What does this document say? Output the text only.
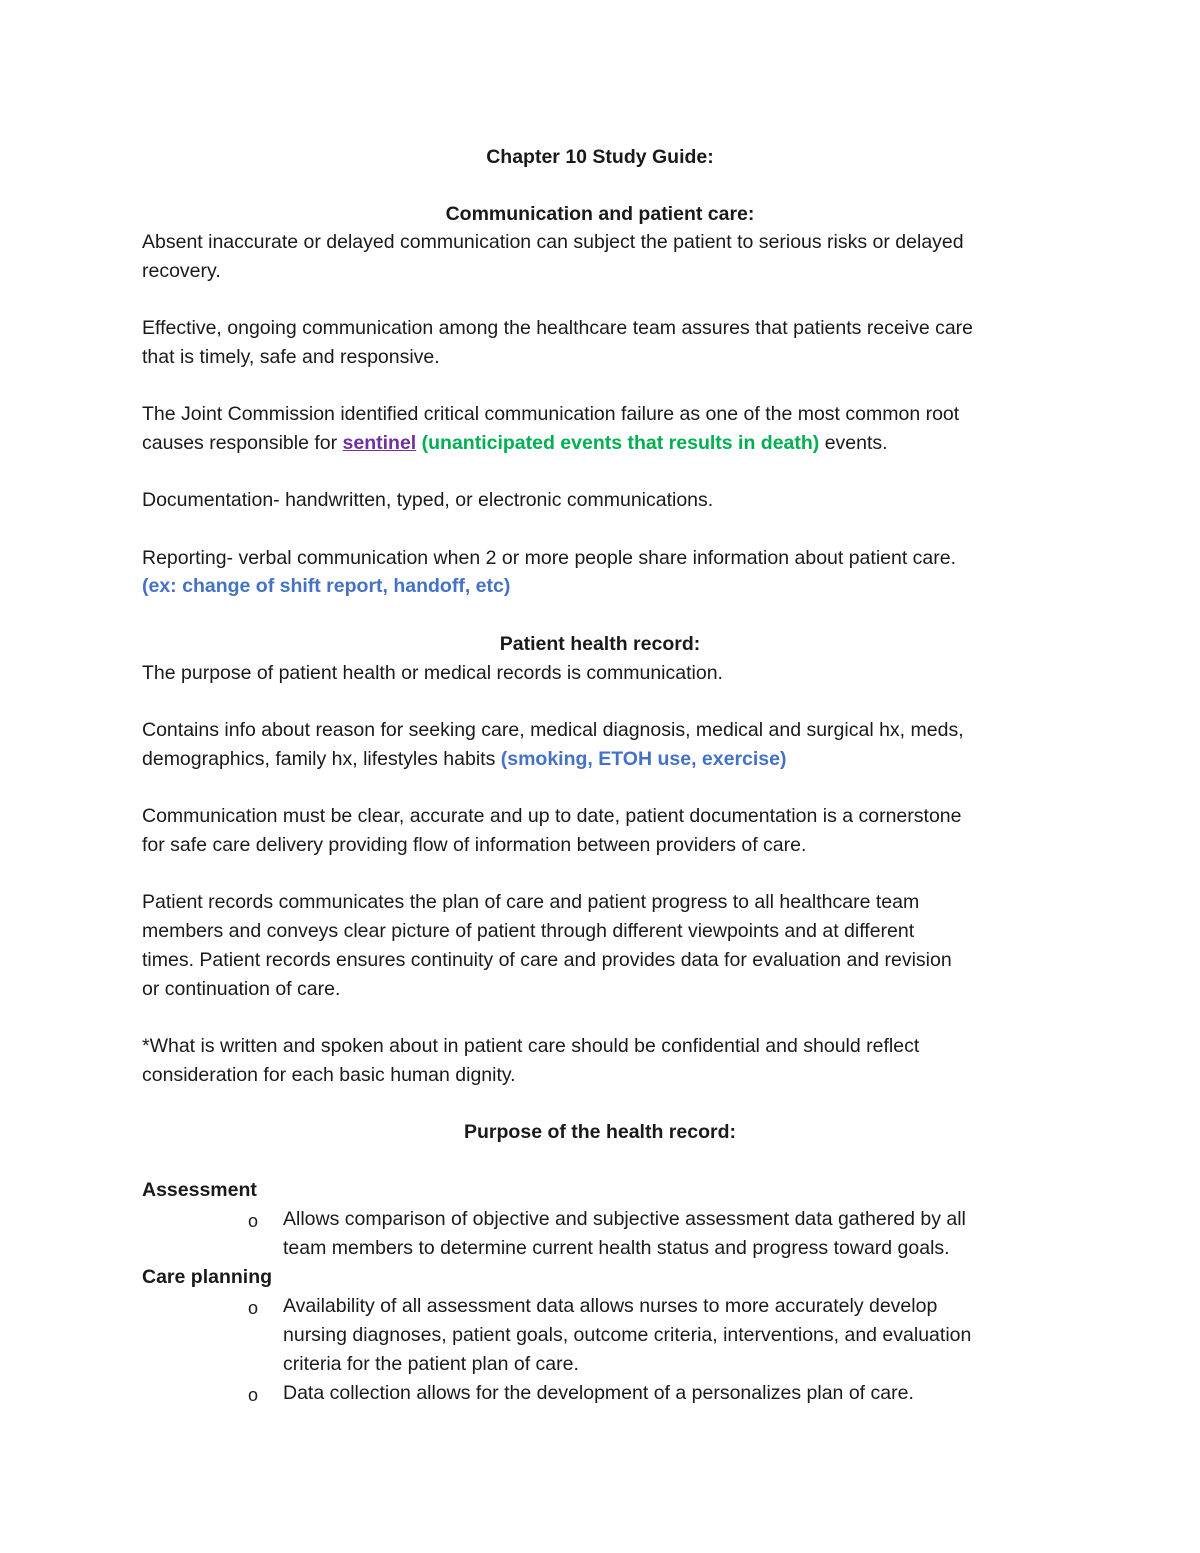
Chapter 10 Study Guide:
Communication and patient care:
Absent inaccurate or delayed communication can subject the patient to serious risks or delayed
recovery.
Effective, ongoing communication among the healthcare team assures that patients receive care
that is timely, safe and responsive.
The Joint Commission identified critical communication failure as one of the most common root
causes responsible for sentinel (unanticipated events that results in death) events.
Documentation- handwritten, typed, or electronic communications.
Reporting- verbal communication when 2 or more people share information about patient care.
(ex: change of shift report, handoff, etc)
Patient health record:
The purpose of patient health or medical records is communication.
Contains info about reason for seeking care, medical diagnosis, medical and surgical hx, meds,
demographics, family hx, lifestyles habits (smoking, ETOH use, exercise)
Communication must be clear, accurate and up to date, patient documentation is a cornerstone
for safe care delivery providing flow of information between providers of care.
Patient records communicates the plan of care and patient progress to all healthcare team
members and conveys clear picture of patient through different viewpoints and at different
times. Patient records ensures continuity of care and provides data for evaluation and revision
or continuation of care.
*What is written and spoken about in patient care should be confidential and should reflect
consideration for each basic human dignity.
Purpose of the health record:
Assessment
o Allows comparison of objective and subjective assessment data gathered by all
team members to determine current health status and progress toward goals.
Care planning
o Availability of all assessment data allows nurses to more accurately develop
nursing diagnoses, patient goals, outcome criteria, interventions, and evaluation
criteria for the patient plan of care.
o Data collection allows for the development of a personalizes plan of care.
